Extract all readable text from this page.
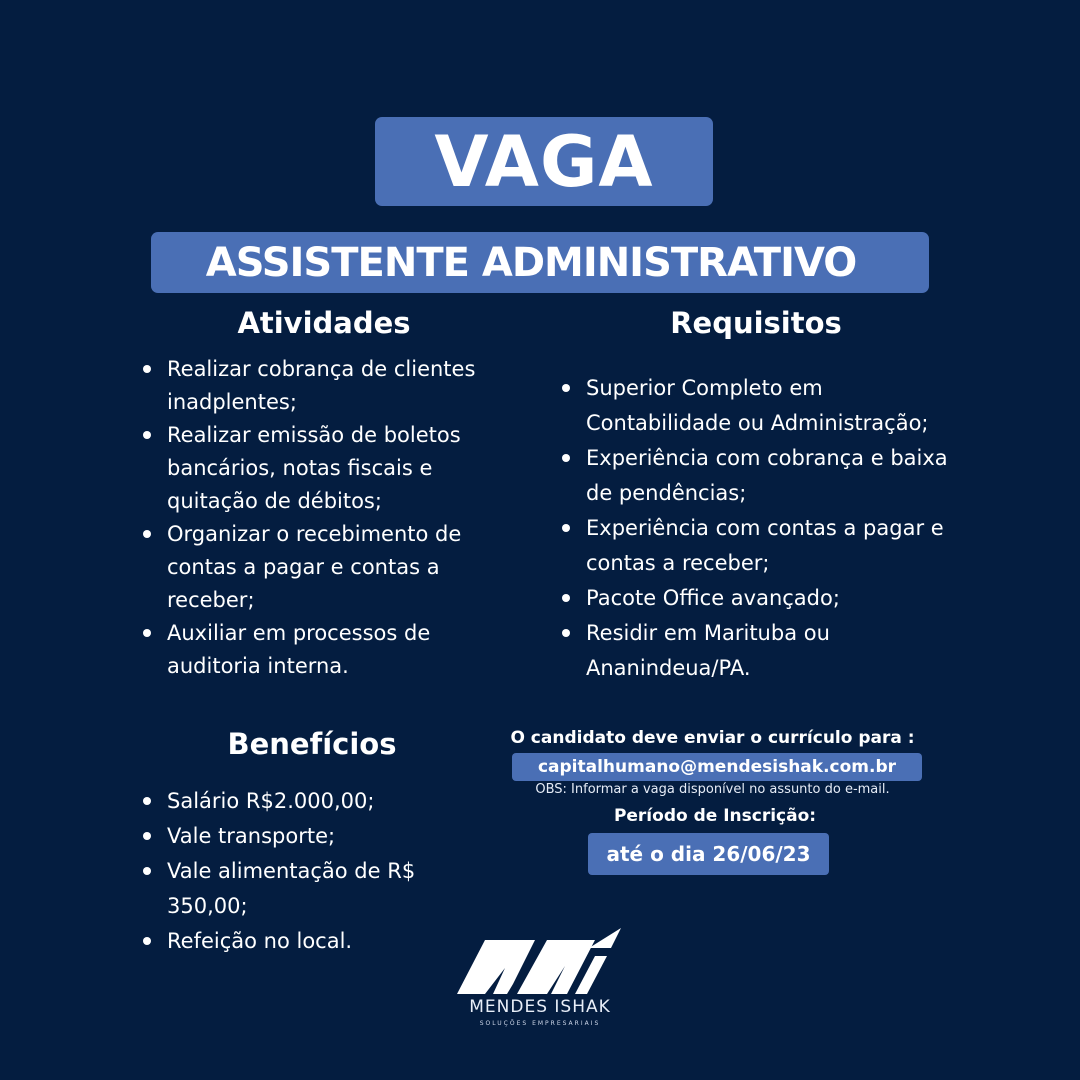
VAGA
ASSISTENTE ADMINISTRATIVO
Atividades
Realizar cobrança de clientes inadplentes;
Realizar emissão de boletos bancários, notas fiscais e quitação de débitos;
Organizar o recebimento de contas a pagar e contas a receber;
Auxiliar em processos de auditoria interna.
Requisitos
Superior Completo em Contabilidade ou Administração;
Experiência com cobrança e baixa de pendências;
Experiência com contas a pagar e contas a receber;
Pacote Office avançado;
Residir em Marituba ou Ananindeua/PA.
Benefícios
Salário R$2.000,00;
Vale transporte;
Vale alimentação de R$ 350,00;
Refeição no local.
O candidato deve enviar o currículo para :
capitalhumano@mendesishak.com.br
OBS: Informar a vaga disponível no assunto do e-mail.
Período de Inscrição:
até o dia 26/06/23
MENDES ISHAK
SOLUÇÕES EMPRESARIAIS
